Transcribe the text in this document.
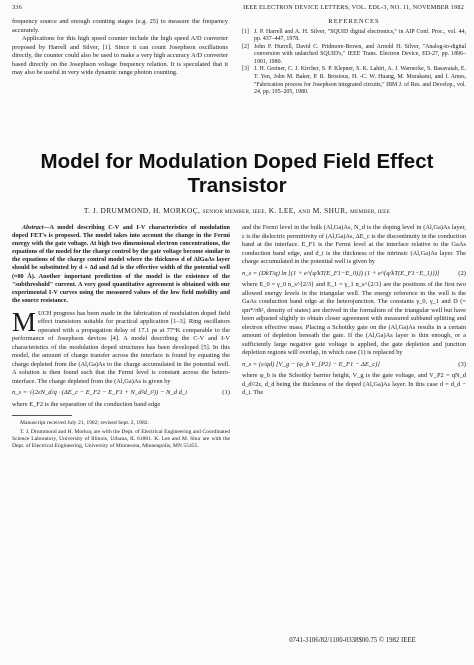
336	IEEE ELECTRON DEVICE LETTERS, VOL. EDL-3, NO. 11, NOVEMBER 1982

frequency source and enough counting stages (e.g. 25) to measure the frequency accurately.

Applications for this high speed counter include the high speed A/D converter proposed by Harrell and Silver, [1]. Since it can count Josephson oscillations directly, the counter could also be used to make a very high accuracy A/D converter based directly on the Josephson voltage frequency relation. It is speculated that it may also be useful in very wide dynamic range photon counting.

REFERENCES
[1] J. P. Harrell and A. H. Silver, "SQUID digital electronics," in AIP Conf. Proc., vol. 44, pp. 437–447, 1978.
[2] John P. Hurrell, David C. Pridmore-Brown, and Arnold H. Silver, "Analog-to-digital conversion with unlatched SQUID's," IEEE Trans. Electron Device, ED-27, pp. 1896–1901, 1980.
[3] J. H. Greiner, C. J. Kircher, S. P. Klepner, S. K. Lahiri, A. J. Warnecke, S. Basavaiah, E. T. Yen, John M. Baker, P. R. Brosious, H. -C. W. Huang, M. Murakami, and I. Ames, "Fabrication process for Josephson integrated circuits," IBM J. of Res. and Develop., vol. 24, pp. 195–205, 1980.
Model for Modulation Doped Field Effect Transistor
T. J. DRUMMOND, H. MORKOÇ, SENIOR MEMBER, IEEE, K. LEE, AND M. SHUR, MEMBER, IEEE

Abstract—A model describing C-V and I-V characteristics of modulation doped FET's is proposed. The model takes into account the change in the Fermi energy with the gate voltage. At high two dimensional electron concentrations, the equations of the model for the charge control by the gate voltage become similar to the equations of the charge control model where the thickness d of AlGaAs layer should be substituted by d + Δd and Δd is the effective width of the potential well (≈80 Å). Another important prediction of the model is the existence of the "subthreshold" current. A very good quantitative agreement is obtained with our experimental I-V curves using the measured values of the low field mobility and the source resistance.

MUCH progress has been made in the fabrication of modulation doped field effect transistors suitable for practical application [1–3]. Ring oscillators operated with a propagation delay of 17.1 ps at 77°K comparable to the performance of Josephson devices [4]. A model describing the C-V and I-V characteristics of the modulation doped structures has been developed [5]. In this model, the amount of charge transfer across the interface is found by equating the charge depleted from the (Al,Ga)As to the charge accumulated in the potential well. A solution is then found such that the Fermi level is constant across the hetero-interface. The charge depleted from the (Al,Ga)As is given by

n_s = √(2εN_d/q · (ΔE_c − E_F2 − E_F1 + N_d²d_i²)) − N_d d_i	(1)

where E_F2 is the separation of the conduction band edge

Manuscript received July 21, 1982; revised Sept. 2, 1982.

T. J. Drummond and H. Morkoç are with the Dept. of Electrical Engineering and Coordinated Science Laboratory, University of Illinois, Urbana, IL 61801. K. Lee and M. Shur are with the Dept. of Electrical Engineering, University of Minnesota, Minneapolis, MN 55455.

and the Fermi level in the bulk (Al,Ga)As, N_d is the doping level in (Al,Ga)As layer, ε is the dielectric permittivity of (Al,Ga)As, ΔE_c is the discontinuity in the conduction band at the interface. E_F1 is the Fermi level at the interface relative to the GaAs conduction band edge, and d_i is the thickness of the intrinsic (Al,Ga)As layer. The charge accumulated in the potential well is given by

n_s = (DkT/q) ln [(1 + e^{q/kT(E_F1−E_0)}) (1 + e^{q/kT(E_F1−E_1)})]	(2)

where E_0 = γ_0 n_s^{2/3} and E_1 = γ_1 n_s^{2/3} are the positions of the first two allowed energy levels in the triangular well. The energy reference in the well is the GaAs conduction band edge at the heterojunction. The constants γ_0, γ_1 and D (= qm*/πħ², density of states) are derived in the formalism of the triangular well but have been adjusted slightly to obtain closer agreement with measured subband splitting and electron effective mass. Placing a Schottky gate on the (Al,Ga)As results in a certain amount of depletion beneath the gate. If the (Al,Ga)As layer is thin enough, or a sufficiently large negative gate voltage is applied, the gate depletion and junction depletion regions will overlap, in which case (1) is replaced by

n_s = (ε/qd) [V_g − (φ_b V_{P2} − E_F1 − ΔE_c)]	(3)

where φ_b is the Schottky barrier height, V_g is the gate voltage, and V_P2 = qN_d d_d²/2ε, d_d being the thickness of the doped (Al,Ga)As layer. In this case d = d_d − d_i. The

0741-3106/82/1100-0338$00.75 © 1982 IEEE
